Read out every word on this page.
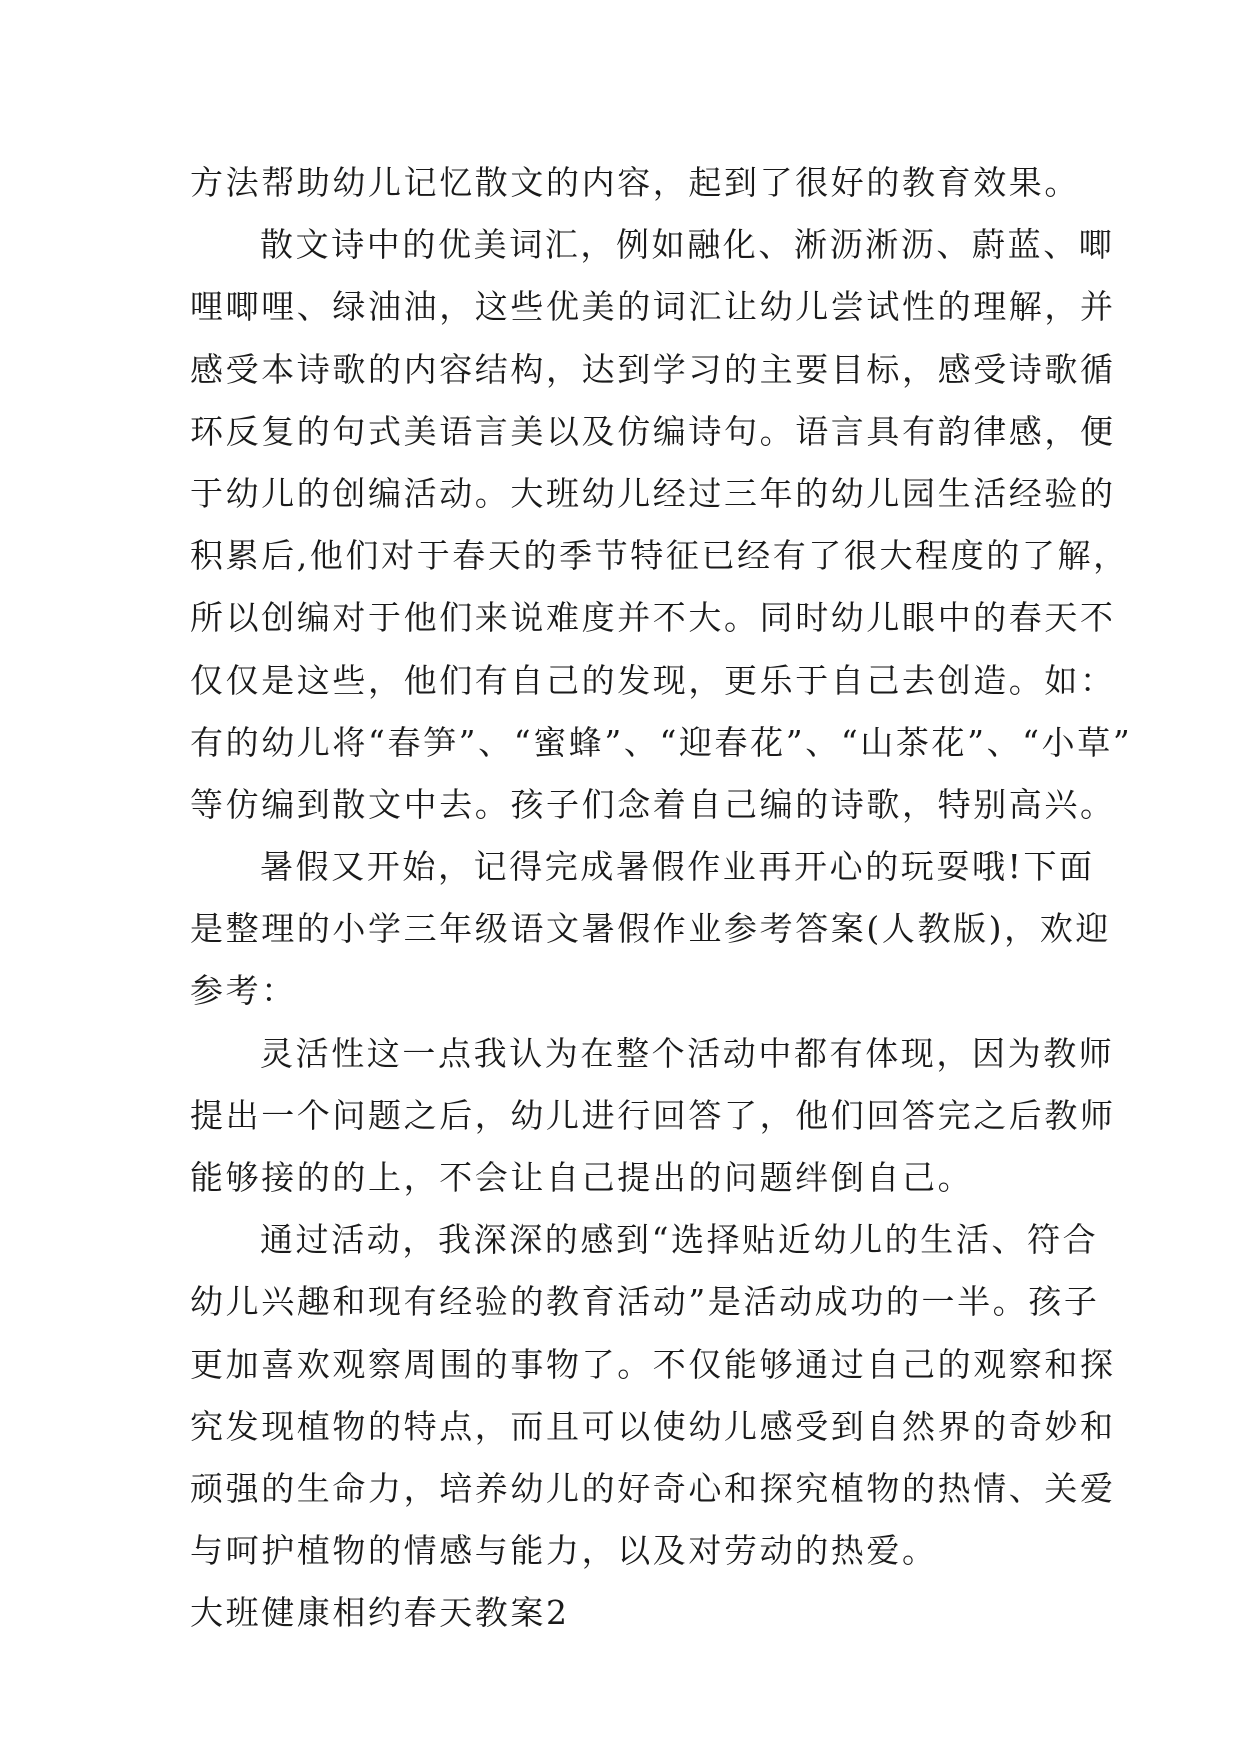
方法帮助幼儿记忆散文的内容，起到了很好的教育效果。
散文诗中的优美词汇，例如融化、淅沥淅沥、蔚蓝、唧
哩唧哩、绿油油，这些优美的词汇让幼儿尝试性的理解，并
感受本诗歌的内容结构，达到学习的主要目标，感受诗歌循
环反复的句式美语言美以及仿编诗句。语言具有韵律感，便
于幼儿的创编活动。大班幼儿经过三年的幼儿园生活经验的
积累后,他们对于春天的季节特征已经有了很大程度的了解，
所以创编对于他们来说难度并不大。同时幼儿眼中的春天不
仅仅是这些，他们有自己的发现，更乐于自己去创造。如：
有的幼儿将“春笋”、“蜜蜂”、“迎春花”、“山茶花”、“小草”
等仿编到散文中去。孩子们念着自己编的诗歌，特别高兴。
暑假又开始，记得完成暑假作业再开心的玩耍哦!下面
是整理的小学三年级语文暑假作业参考答案(人教版)，欢迎
参考：
灵活性这一点我认为在整个活动中都有体现，因为教师
提出一个问题之后，幼儿进行回答了，他们回答完之后教师
能够接的的上，不会让自己提出的问题绊倒自己。
通过活动，我深深的感到“选择贴近幼儿的生活、符合
幼儿兴趣和现有经验的教育活动”是活动成功的一半。孩子
更加喜欢观察周围的事物了。不仅能够通过自己的观察和探
究发现植物的特点，而且可以使幼儿感受到自然界的奇妙和
顽强的生命力，培养幼儿的好奇心和探究植物的热情、关爱
与呵护植物的情感与能力，以及对劳动的热爱。
大班健康相约春天教案2
